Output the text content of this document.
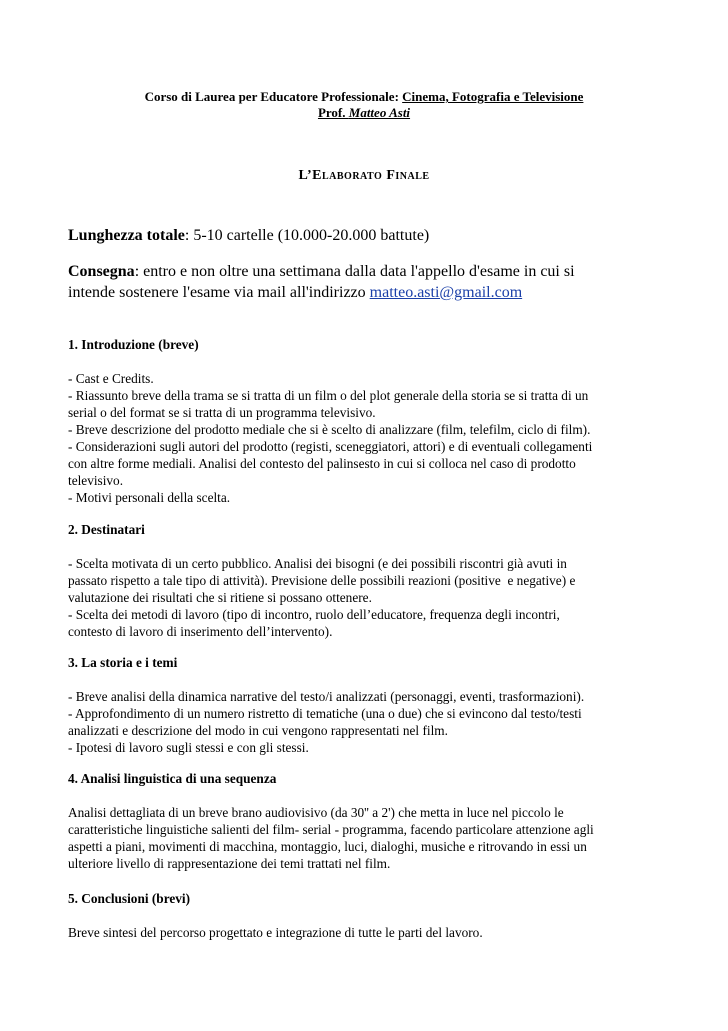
Corso di Laurea per Educatore Professionale: Cinema, Fotografia e Televisione
Prof. Matteo Asti
L’Elaborato Finale

Lunghezza totale: 5-10 cartelle (10.000-20.000 battute)

Consegna: entro e non oltre una settimana dalla data l'appello d'esame in cui si

intende sostenere l'esame via mail all'indirizzo matteo.asti@gmail.com

1. Introduzione (breve)

- Cast e Credits.

- Riassunto breve della trama se si tratta di un film o del plot generale della storia se si tratta di un

serial o del format se si tratta di un programma televisivo.

- Breve descrizione del prodotto mediale che si è scelto di analizzare (film, telefilm, ciclo di film).

- Considerazioni sugli autori del prodotto (registi, sceneggiatori, attori) e di eventuali collegamenti

con altre forme mediali. Analisi del contesto del palinsesto in cui si colloca nel caso di prodotto

televisivo.

- Motivi personali della scelta.

2. Destinatari

- Scelta motivata di un certo pubblico. Analisi dei bisogni (e dei possibili riscontri già avuti in

passato rispetto a tale tipo di attività). Previsione delle possibili reazioni (positive  e negative) e

valutazione dei risultati che si ritiene si possano ottenere.

- Scelta dei metodi di lavoro (tipo di incontro, ruolo dell’educatore, frequenza degli incontri,

contesto di lavoro di inserimento dell’intervento).

3. La storia e i temi

- Breve analisi della dinamica narrative del testo/i analizzati (personaggi, eventi, trasformazioni).

- Approfondimento di un numero ristretto di tematiche (una o due) che si evincono dal testo/testi

analizzati e descrizione del modo in cui vengono rappresentati nel film.

- Ipotesi di lavoro sugli stessi e con gli stessi.

4. Analisi linguistica di una sequenza

Analisi dettagliata di un breve brano audiovisivo (da 30'' a 2') che metta in luce nel piccolo le

caratteristiche linguistiche salienti del film- serial - programma, facendo particolare attenzione agli

aspetti a piani, movimenti di macchina, montaggio, luci, dialoghi, musiche e ritrovando in essi un

ulteriore livello di rappresentazione dei temi trattati nel film.

5. Conclusioni (brevi)

Breve sintesi del percorso progettato e integrazione di tutte le parti del lavoro.
